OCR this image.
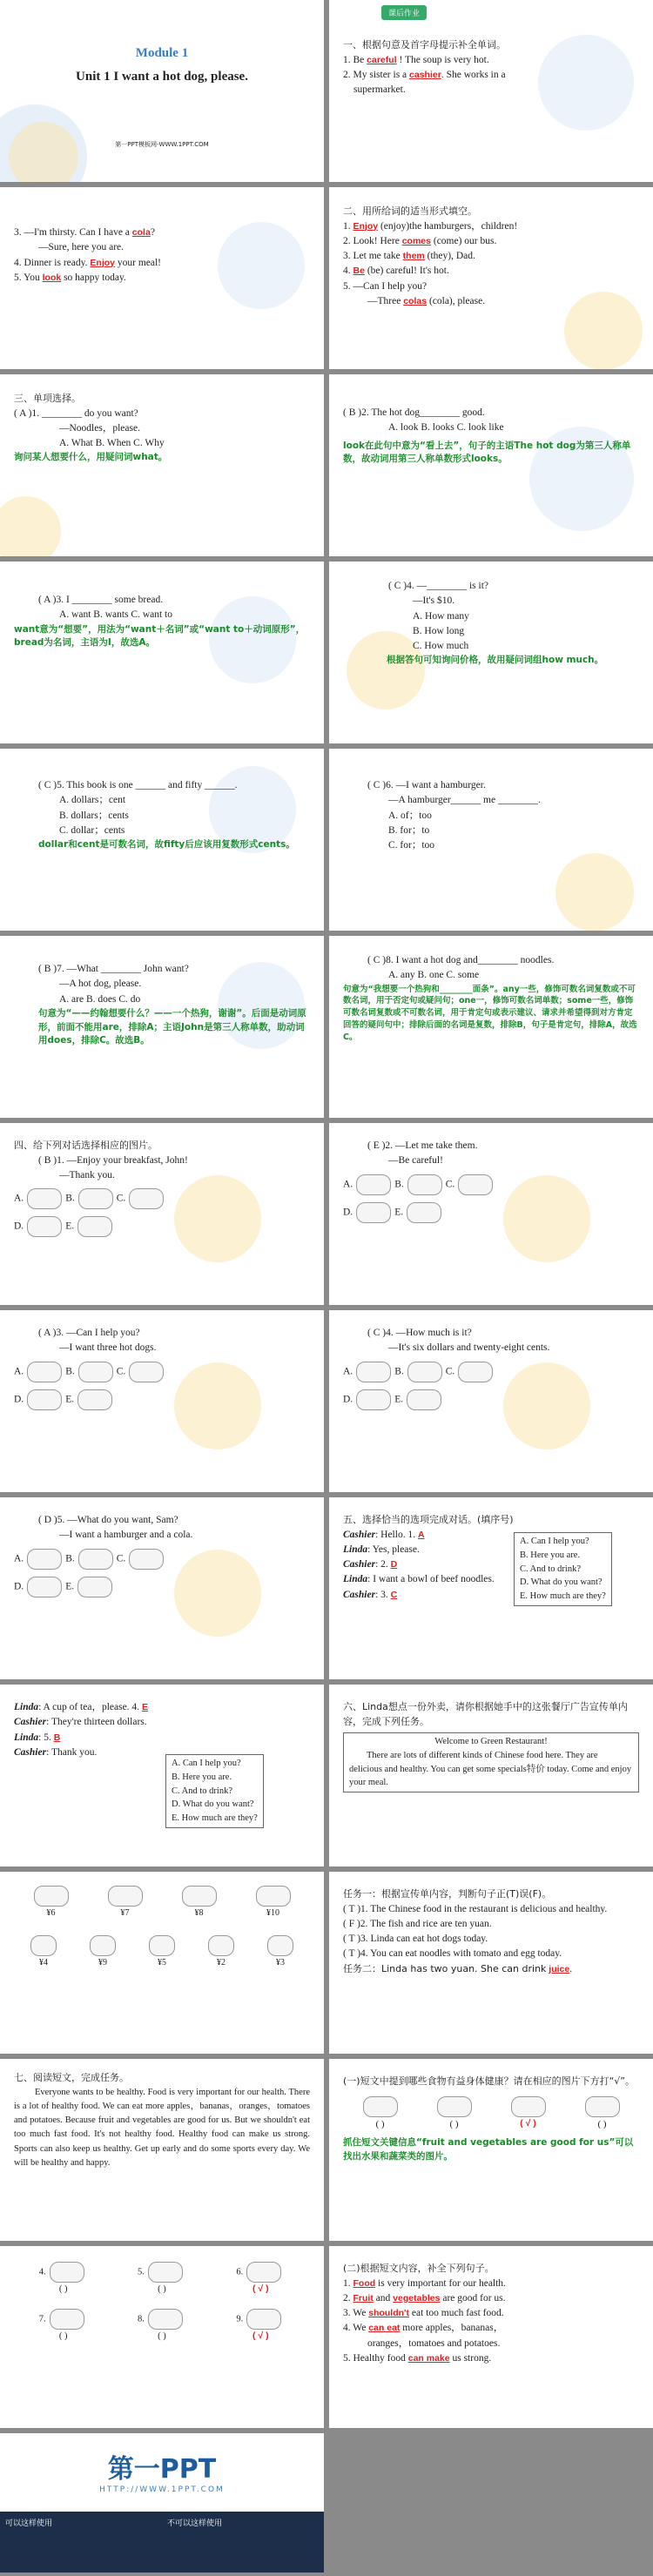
Module 1
Unit 1 I want a hot dog, please.
第一PPT模板网-WWW.1PPT.COM
课后作业
一、根据句意及首字母提示补全单词。
1. Be careful ! The soup is very hot.
2. My sister is a cashier. She works in a
supermarket.
3. —I'm thirsty. Can I have a cola?
—Sure, here you are.
4. Dinner is ready. Enjoy your meal!
5. You look so happy today.
二、用所给词的适当形式填空。
1. Enjoy (enjoy)the hamburgers，children!
2. Look! Here comes (come) our bus.
3. Let me take them (they), Dad.
4. Be (be) careful! It's hot.
5. —Can I help you?
—Three colas (cola), please.
三、单项选择。
( A )1. ________ do you want?
—Noodles，please.
A. What B. When C. Why
询问某人想要什么，用疑问词what。
( B )2. The hot dog________ good.
A. look B. looks C. look like
look在此句中意为“看上去”，句子的主语The hot dog为第三人称单数，故动词用第三人称单数形式looks。
( A )3. I ________ some bread.
A. want B. wants C. want to
want意为“想要”，用法为“want＋名词”或“want to＋动词原形”，bread为名词，主语为I，故选A。
( C )4. —________ is it?
—It's $10.
A. How many
B. How long
C. How much
根据答句可知询问价格，故用疑问词组how much。
( C )5. This book is one ______ and fifty ______.
A. dollars；cent
B. dollars；cents
C. dollar；cents
dollar和cent是可数名词，故fifty后应该用复数形式cents。
( C )6. —I want a hamburger.
—A hamburger______ me ________.
A. of；too
B. for；to
C. for；too
( B )7. —What ________ John want?
—A hot dog, please.
A. are B. does C. do
句意为“——约翰想要什么？——一个热狗，谢谢”。后面是动词原形，前面不能用are，排除A；主语John是第三人称单数，助动词用does，排除C。故选B。
( C )8. I want a hot dog and________ noodles.
A. any B. one C. some
句意为“我想要一个热狗和________面条”。any一些，修饰可数名词复数或不可数名词，用于否定句或疑问句；one一，修饰可数名词单数；some一些，修饰可数名词复数或不可数名词，用于肯定句或表示建议、请求并希望得到对方肯定回答的疑问句中；排除后面的名词是复数，排除B，句子是肯定句，排除A，故选C。
四、给下列对话选择相应的图片。
( B )1. —Enjoy your breakfast, John!
—Thank you.
A.	B.	C.
D.	E.
( E )2. —Let me take them.
—Be careful!
A.	B.	C.
D.	E.
( A )3. —Can I help you?
—I want three hot dogs.
A.	B.	C.
D.	E.
( C )4. —How much is it?
—It's six dollars and twenty-eight cents.
A.	B.	C.
D.	E.
( D )5. —What do you want, Sam?
—I want a hamburger and a cola.
A.	B.	C.
D.	E.
五、选择恰当的选项完成对话。(填序号)
A. Can I help you?
B. Here you are.
C. And to drink?
D. What do you want?
E. How much are they?
Cashier: Hello. 1. A
Linda: Yes, please.
Cashier: 2. D
Linda: I want a bowl of beef noodles.
Cashier: 3. C
Linda: A cup of tea，please. 4. E
Cashier: They're thirteen dollars.
Linda: 5. B
Cashier: Thank you.
A. Can I help you?
B. Here you are.
C. And to drink?
D. What do you want?
E. How much are they?
六、Linda想点一份外卖，请你根据她手中的这张餐厅广告宣传单内容，完成下列任务。
Welcome to Green Restaurant!
There are lots of different kinds of Chinese food here. They are delicious and healthy. You can get some specials特价 today. Come and enjoy your meal.
¥6	¥7	¥8	¥10
¥4	¥9	¥5	¥2	¥3
任务一：根据宣传单内容，判断句子正(T)误(F)。
( T )1. The Chinese food in the restaurant is delicious and healthy.
( F )2. The fish and rice are ten yuan.
( T )3. Linda can eat hot dogs today.
( T )4. You can eat noodles with tomato and egg today.
任务二：Linda has two yuan. She can drink juice.
七、阅读短文，完成任务。
Everyone wants to be healthy. Food is very important for our health. There is a lot of healthy food. We can eat more apples，bananas，oranges，tomatoes and potatoes. Because fruit and vegetables are good for us. But we shouldn't eat too much fast food. It's not healthy food. Healthy food can make us strong. Sports can also keep us healthy. Get up early and do some sports every day. We will be healthy and happy.
(一)短文中提到哪些食物有益身体健康？请在相应的图片下方打“√”。
( )	( )	( √ )	( )
抓住短文关键信息“fruit and vegetables are good for us”可以找出水果和蔬菜类的图片。
4.
( )
5.
( )
6.
( √ )
7.
( )
8.
( )
9.
( √ )
(二)根据短文内容，补全下列句子。
1. Food is very important for our health.
2. Fruit and vegetables are good for us.
3. We shouldn't eat too much fast food.
4. We can eat more apples，bananas，
oranges，tomatoes and potatoes.
5. Healthy food can make us strong.
第一PPT
HTTP://WWW.1PPT.COM
可以这样使用	不可以这样使用
